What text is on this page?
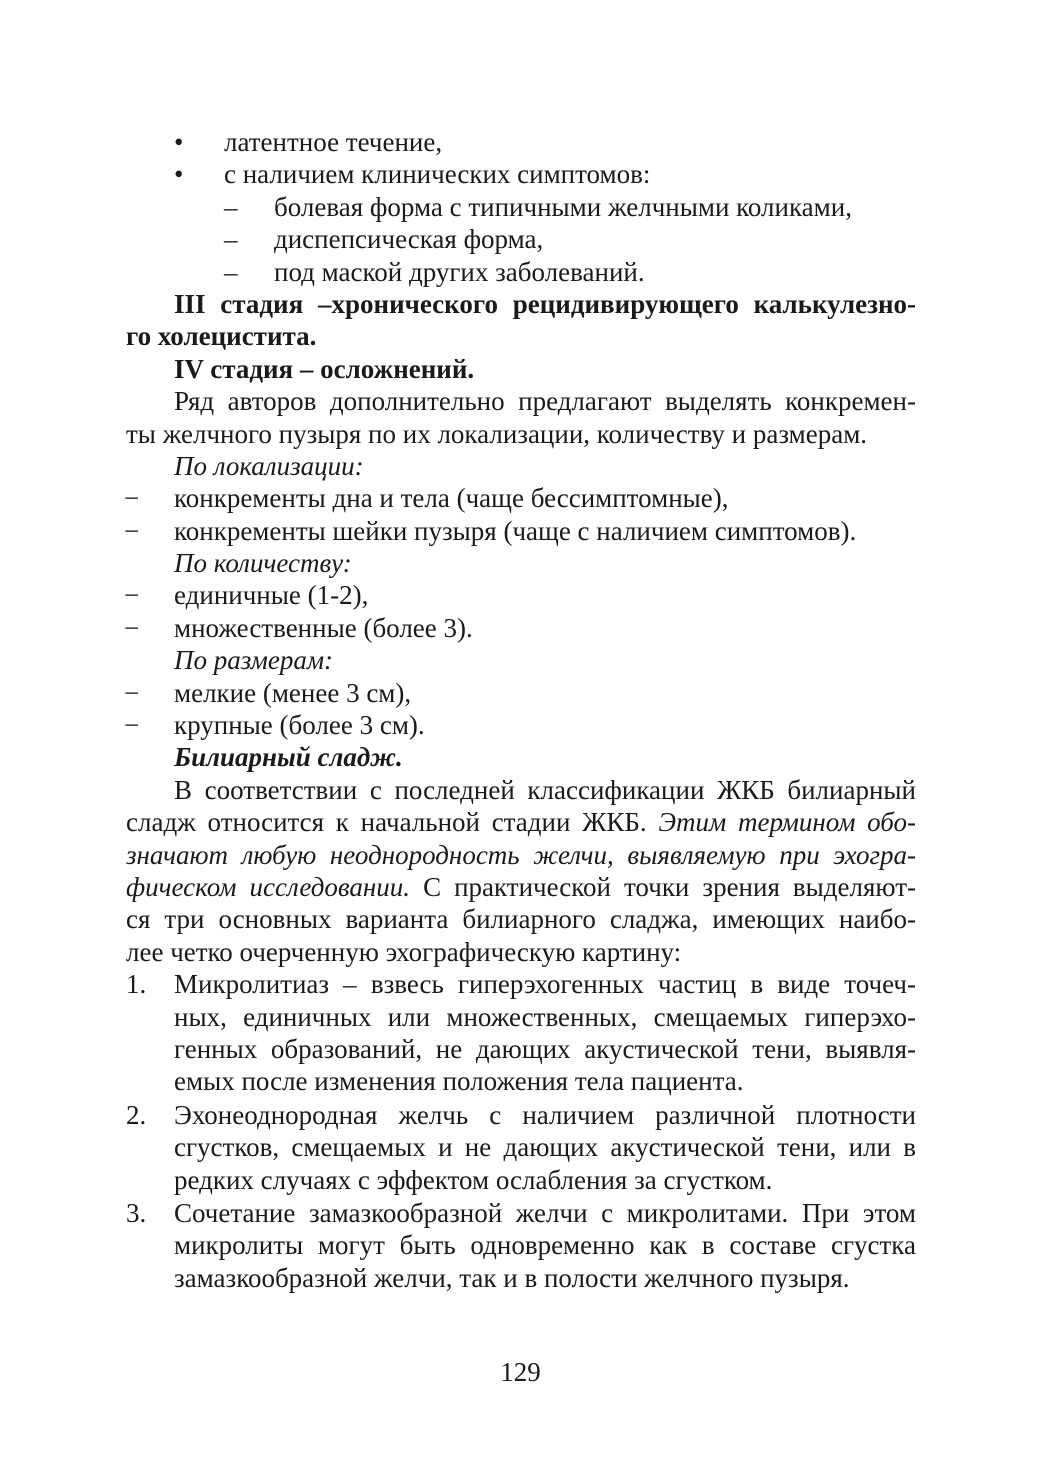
• латентное течение,
• с наличием клинических симптомов:
– болевая форма с типичными желчными коликами,
– диспепсическая форма,
– под маской других заболеваний.
III стадия –хронического рецидивирующего калькулезно-
го холецистита.
IV стадия – осложнений.
Ряд авторов дополнительно предлагают выделять конкремен-
ты желчного пузыря по их локализации, количеству и размерам.
По локализации:
− конкременты дна и тела (чаще бессимптомные),
− конкременты шейки пузыря (чаще с наличием симптомов).
По количеству:
− единичные (1-2),
− множественные (более 3).
По размерам:
− мелкие (менее 3 см),
− крупные (более 3 см).
Билиарный сладж.
В соответствии с последней классификации ЖКБ билиарный
сладж относится к начальной стадии ЖКБ. Этим термином обо-
значают любую неоднородность желчи, выявляемую при эхогра-
фическом исследовании. С практической точки зрения выделяют-
ся три основных варианта билиарного сладжа, имеющих наибо-
лее четко очерченную эхографическую картину:
1. Микролитиаз – взвесь гиперэхогенных частиц в виде точеч-
ных, единичных или множественных, смещаемых гиперэхо-
генных образований, не дающих акустической тени, выявля-
емых после изменения положения тела пациента.
2. Эхонеоднородная желчь с наличием различной плотности
сгустков, смещаемых и не дающих акустической тени, или в
редких случаях с эффектом ослабления за сгустком.
3. Сочетание замазкообразной желчи с микролитами. При этом
микролиты могут быть одновременно как в составе сгустка
замазкообразной желчи, так и в полости желчного пузыря.
129
